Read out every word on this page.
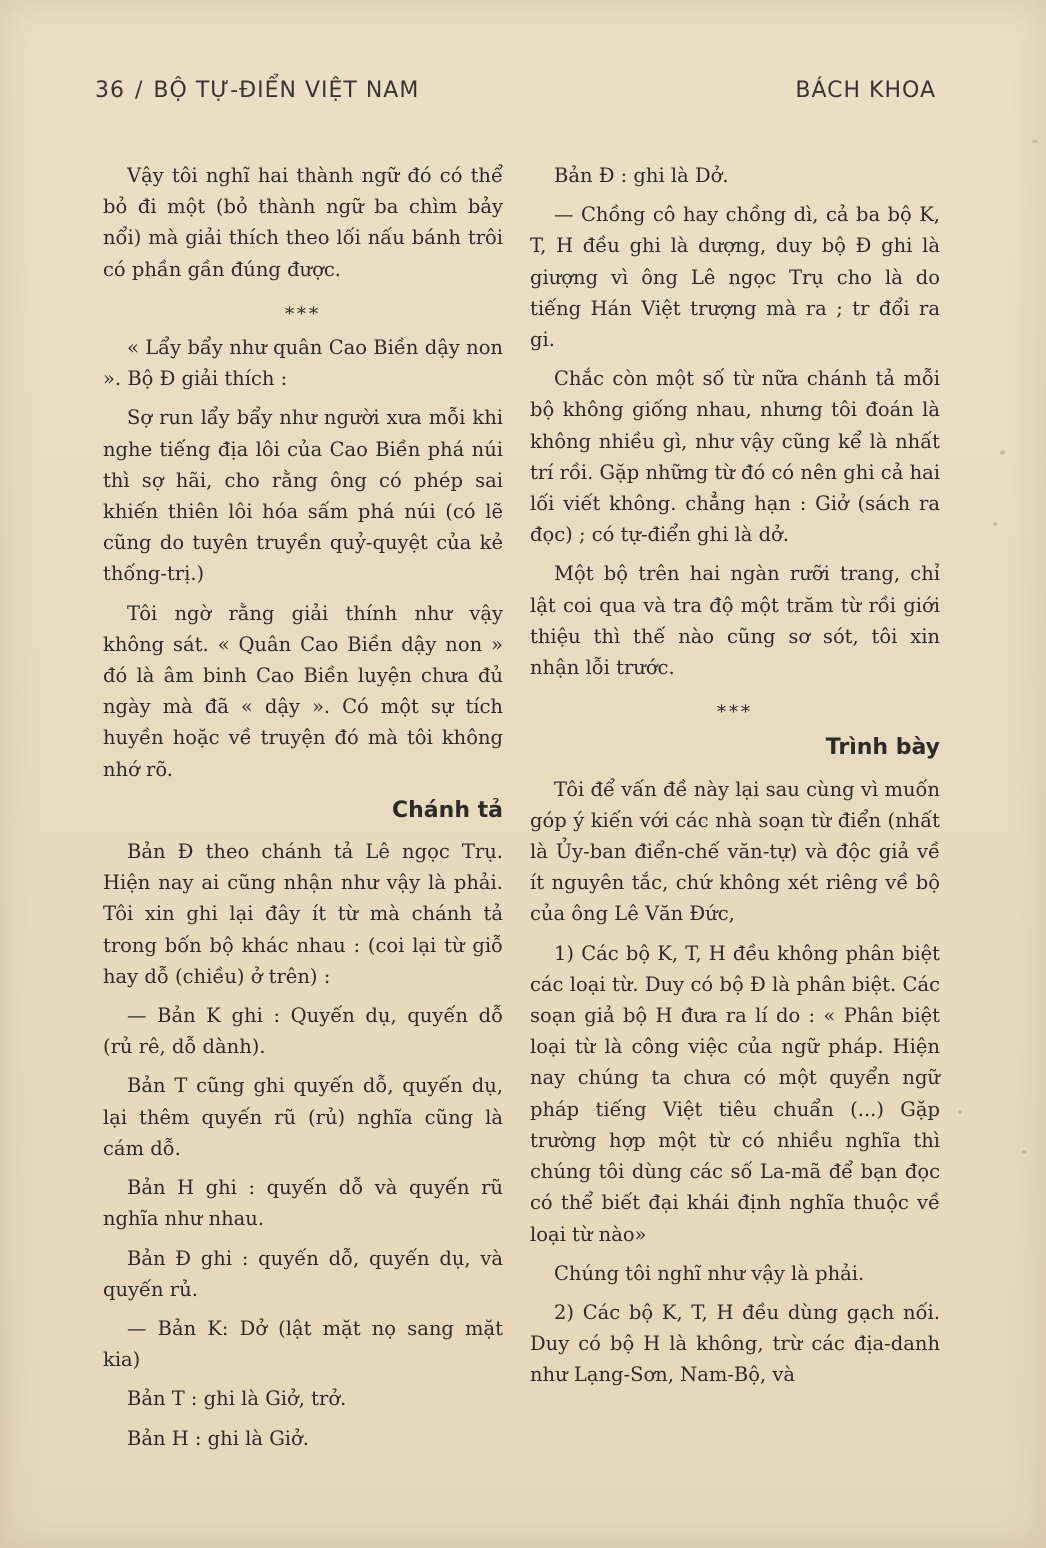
36 / BỘ TỰ-ĐIỂN VIỆT NAM	BÁCH KHOA

Vậy tôi nghĩ hai thành ngữ đó có thể bỏ đi một (bỏ thành ngữ ba chìm bảy nổi) mà giải thích theo lối nấu bánh trôi có phần gần đúng được.

⁎⁎⁎

« Lẩy bẩy như quân Cao Biền dậy non ». Bộ Đ giải thích :

Sợ run lẩy bẩy như người xưa mỗi khi nghe tiếng địa lôi của Cao Biền phá núi thì sợ hãi, cho rằng ông có phép sai khiến thiên lôi hóa sấm phá núi (có lẽ cũng do tuyên truyền quỷ-quyệt của kẻ thống-trị.)

Tôi ngờ rằng giải thính như vậy không sát. « Quân Cao Biền dậy non » đó là âm binh Cao Biền luyện chưa đủ ngày mà đã « dậy ». Có một sự tích huyền hoặc về truyện đó mà tôi không nhớ rõ.

Chánh tả

Bản Đ theo chánh tả Lê ngọc Trụ. Hiện nay ai cũng nhận như vậy là phải. Tôi xin ghi lại đây ít từ mà chánh tả trong bốn bộ khác nhau : (coi lại từ giỗ hay dỗ (chiều) ở trên) :

— Bản K ghi : Quyến dụ, quyến dỗ (rủ rê, dỗ dành).

Bản T cũng ghi quyến dỗ, quyến dụ, lại thêm quyến rũ (rủ) nghĩa cũng là cám dỗ.

Bản H ghi : quyến dỗ và quyến rũ nghĩa như nhau.

Bản Đ ghi : quyến dỗ, quyến dụ, và quyến rủ.

— Bản K: Dở (lật mặt nọ sang mặt kia)

Bản T : ghi là Giở, trở.

Bản H : ghi là Giở.

Bản Đ : ghi là Dở.

— Chồng cô hay chồng dì, cả ba bộ K, T, H đều ghi là dượng, duy bộ Đ ghi là giượng vì ông Lê ngọc Trụ cho là do tiếng Hán Việt trượng mà ra ; tr đổi ra gi.

Chắc còn một số từ nữa chánh tả mỗi bộ không giống nhau, nhưng tôi đoán là không nhiều gì, như vậy cũng kể là nhất trí rồi. Gặp những từ đó có nên ghi cả hai lối viết không. chẳng hạn : Giở (sách ra đọc) ; có tự-điển ghi là dở.

Một bộ trên hai ngàn rưỡi trang, chỉ lật coi qua và tra độ một trăm từ rồi giới thiệu thì thế nào cũng sơ sót, tôi xin nhận lỗi trước.

⁎⁎⁎
Trình bày

Tôi để vấn đề này lại sau cùng vì muốn góp ý kiến với các nhà soạn từ điển (nhất là Ủy-ban điển-chế văn-tự) và độc giả về ít nguyên tắc, chứ không xét riêng về bộ của ông Lê Văn Đức,

1) Các bộ K, T, H đều không phân biệt các loại từ. Duy có bộ Đ là phân biệt. Các soạn giả bộ H đưa ra lí do : « Phân biệt loại từ là công việc của ngữ pháp. Hiện nay chúng ta chưa có một quyển ngữ pháp tiếng Việt tiêu chuẩn (...) Gặp trường hợp một từ có nhiều nghĩa thì chúng tôi dùng các số La-mã để bạn đọc có thể biết đại khái định nghĩa thuộc về loại từ nào»

Chúng tôi nghĩ như vậy là phải.

2) Các bộ K, T, H đều dùng gạch nối. Duy có bộ H là không, trừ các địa-danh như Lạng-Sơn, Nam-Bộ, và
